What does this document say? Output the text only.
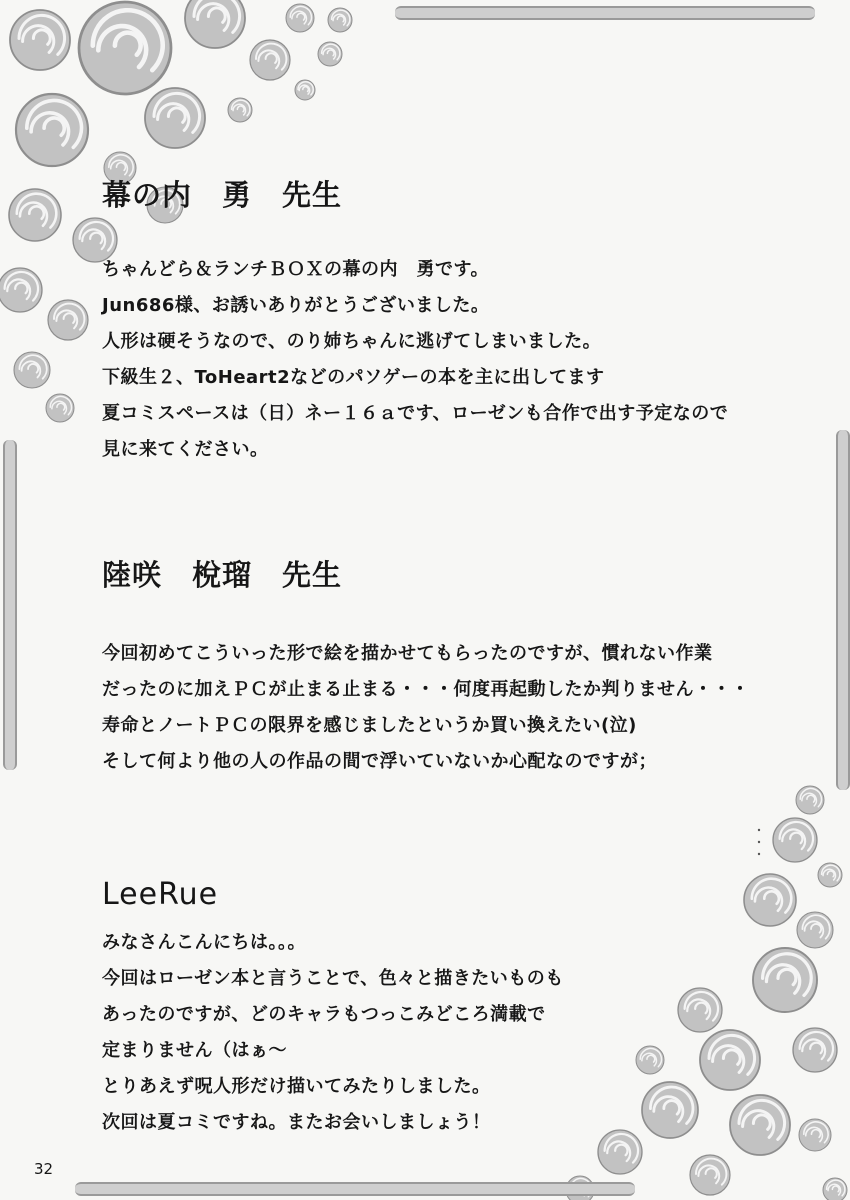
幕の内　勇　先生
ちゃんどら＆ランチＢＯＸの幕の内　勇です。
Jun686様、お誘いありがとうございました。
人形は硬そうなので、のり姉ちゃんに逃げてしまいました。
下級生２、ToHeart2などのパソゲーの本を主に出してます
夏コミスペースは（日）ネー１６ａです、ローゼンも合作で出す予定なので
見に来てください。
陸咲　梲瑠　先生
今回初めてこういった形で絵を描かせてもらったのですが、慣れない作業
だったのに加えＰＣが止まる止まる・・・何度再起動したか判りません・・・
寿命とノートＰＣの限界を感じましたというか買い換えたい(泣)
そして何より他の人の作品の間で浮いていないか心配なのですが；
LeeRue
みなさんこんにちは。。。
今回はローゼン本と言うことで、色々と描きたいものも
あったのですが、どのキャラもつっこみどころ満載で
定まりません（はぁ～
とりあえず呪人形だけ描いてみたりしました。
次回は夏コミですね。またお会いしましょう！
32
